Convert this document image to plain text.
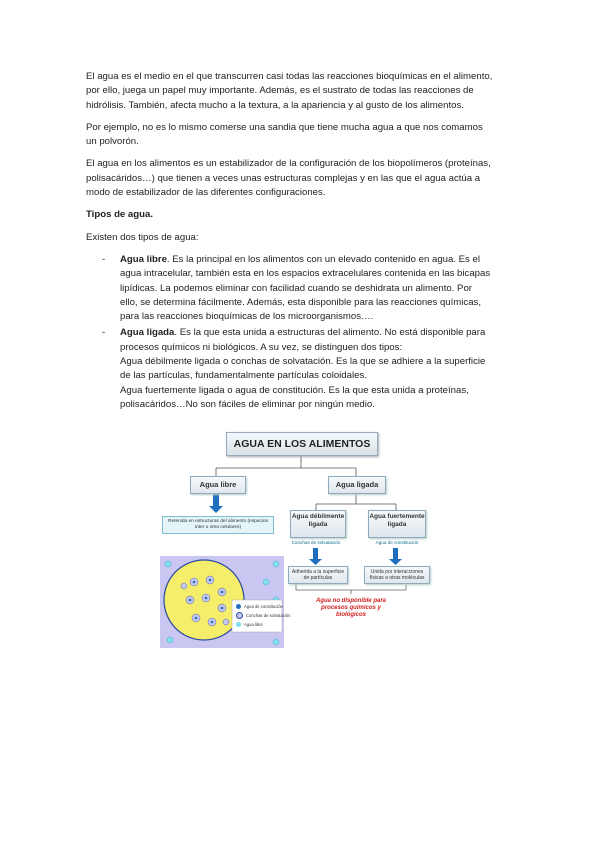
El agua es el medio en el que transcurren casi todas las reacciones bioquímicas en el alimento,
por ello, juega un papel muy importante. Además, es el sustrato de todas las reacciones de
hidrólisis. También, afecta mucho a la textura, a la apariencia y al gusto de los alimentos.

Por ejemplo, no es lo mismo comerse una sandia que tiene mucha agua a que nos comamos
un polvorón.

El agua en los alimentos es un estabilizador de la configuración de los biopolímeros (proteínas,
polisacáridos…) que tienen a veces unas estructuras complejas y en las que el agua actúa a
modo de estabilizador de las diferentes configuraciones.

Tipos de agua.

Existen dos tipos de agua:

- Agua libre. Es la principal en los alimentos con un elevado contenido en agua. Es el
agua intracelular, también esta en los espacios extracelulares contenida en las bicapas
lipídicas. La podemos eliminar con facilidad cuando se deshidrata un alimento. Por
ello, se determina fácilmente. Además, esta disponible para las reacciones químicas,
para las reacciones bioquímicas de los microorganismos….
- Agua ligada. Es la que esta unida a estructuras del alimento. No está disponible para
procesos químicos ni biológicos. A su vez, se distinguen dos tipos:
Agua débilmente ligada o conchas de solvatación. Es la que se adhiere a la superficie
de las partículas, fundamentalmente partículas coloidales.
Agua fuertemente ligada o agua de constitución. Es la que esta unida a proteínas,
polisacáridos…No son fáciles de eliminar por ningún medio.
AGUA EN LOS ALIMENTOS
Agua libre	Agua ligada
Retenida en estructuras del alimento (espacios inter o intra celulares)
Agua débilmente ligada
Agua fuertemente ligada
Conchas de solvatación	Agua de constitución
Adherida a la superficie de partículas
Unida por interacciones físicas a otras moléculas
Agua no disponible para procesos químicos y biológicos
Agua de constitución
Conchas de solvatación
Agua libre
